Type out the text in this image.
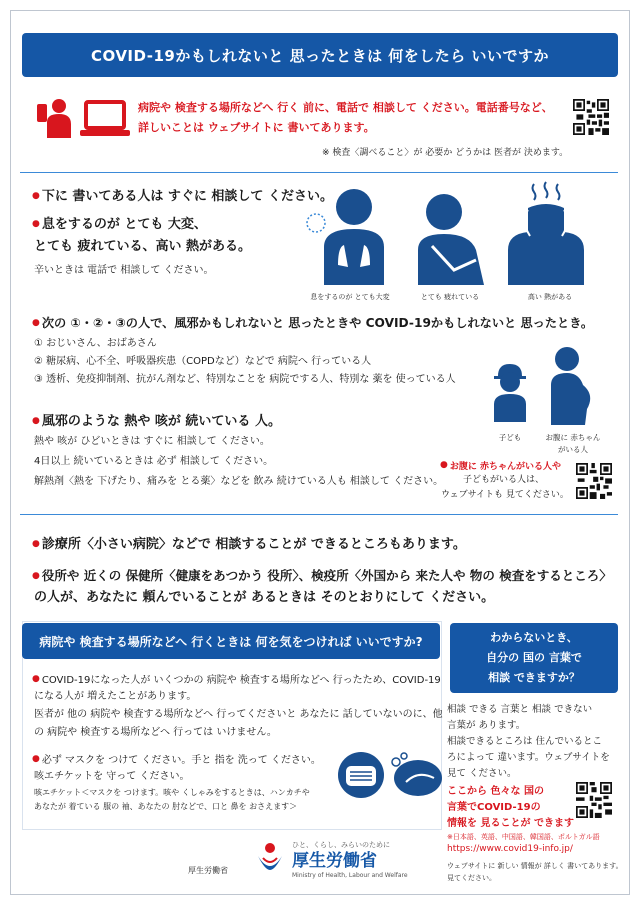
COVID-19かもしれないと 思ったときは 何をしたら いいですか
病院や 検査する場所などへ 行く 前に、電話で 相談して ください。電話番号など、
詳しいことは ウェブサイトに 書いてあります。
※ 検査〈調べること〉が 必要か どうかは 医者が 決めます。
● 下に 書いてある人は すぐに 相談して ください。
● 息をするのが とても 大変、
とても 疲れている、高い 熱がある。
辛いときは 電話で 相談して ください。
息をするのが とても大変	とても 疲れている	高い 熱がある
● 次の ①・②・③の人で、風邪かもしれないと 思ったときや COVID-19かもしれないと 思ったとき。
① おじいさん、おばあさん
② 糖尿病、心不全、呼吸器疾患（COPDなど）などで 病院へ 行っている人
③ 透析、免疫抑制剤、抗がん剤など、特別なことを 病院でする人、特別な 薬を 使っている人
子ども	お腹に 赤ちゃん
がいる人
● 風邪のような 熱や 咳が 続いている 人。
熱や 咳が ひどいときは すぐに 相談して ください。
4日以上 続いているときは 必ず 相談して ください。
解熱剤〈熱を 下げたり、痛みを とる薬〉などを 飲み 続けている人も 相談して ください。
● お腹に 赤ちゃんがいる人や
子どもがいる人は、
ウェブサイトも 見てください。
● 診療所〈小さい病院〉などで 相談することが できるところもあります。
● 役所や 近くの 保健所〈健康をあつかう 役所〉、検疫所〈外国から 来た人や 物の 検査をするところ〉
の人が、あなたに 頼んでいることが あるときは そのとおりにして ください。
病院や 検査する場所などへ 行くときは 何を気をつければ いいですか?
● COVID-19になった人が いくつかの 病院や 検査する場所などへ 行ったため、COVID-19
になる人が 増えたことがあります。
医者が 他の 病院や 検査する場所などへ 行ってくださいと あなたに 話していないのに、他
の 病院や 検査する場所などへ 行っては いけません。
● 必ず マスクを つけて ください。手と 指を 洗って ください。
咳エチケットを 守って ください。
咳エチケット＜マスクを つけます。咳や くしゃみをするときは、ハンカチや
あなたが 着ている 服の 袖、あなたの 肘などで、口と 鼻を おさえます＞
厚生労働省
ひと、くらし、みらいのために
厚生労働省
Ministry of Health, Labour and Welfare
わからないとき、
自分の 国の 言葉で
相談 できますか？
相談 できる 言葉と 相談 できない
言葉が あります。
相談できるところは 住んでいるとこ
ろによって 違います。ウェブサイトを
見て ください。
ここから 色々な 国の
言葉でCOVID-19の
情報を 見ることが できます
※日本語、英語、中国語、韓国語、ポルトガル語
https://www.covid19-info.jp/
ウェブサイトに 新しい 情報が 詳しく 書いてあります。
見てください。
